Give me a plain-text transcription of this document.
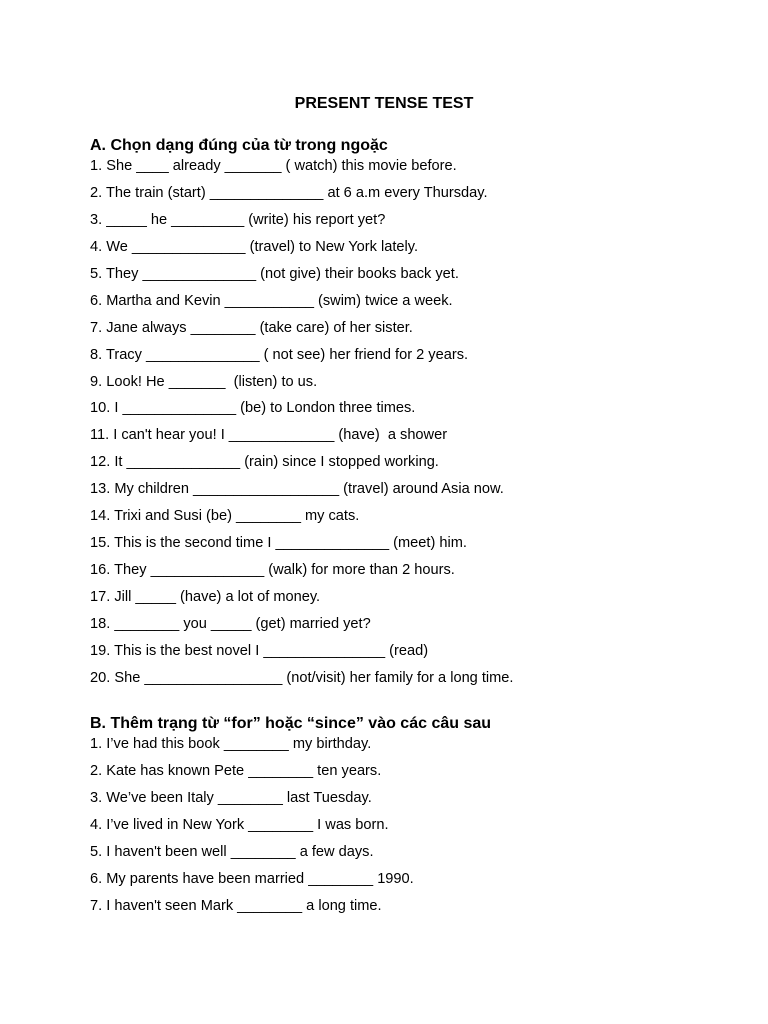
PRESENT TENSE TEST
A. Chọn dạng đúng của từ trong ngoặc
1. She ____ already _______ ( watch) this movie before.
2. The train (start) ______________ at 6 a.m every Thursday.
3. _____ he _________ (write) his report yet?
4. We ______________ (travel) to New York lately.
5. They ______________ (not give) their books back yet.
6. Martha and Kevin ___________ (swim) twice a week.
7. Jane always ________ (take care) of her sister.
8. Tracy ______________ ( not see) her friend for 2 years.
9. Look! He _______  (listen) to us.
10. I ______________ (be) to London three times.
11. I can't hear you! I _____________ (have)  a shower
12. It ______________ (rain) since I stopped working.
13. My children __________________ (travel) around Asia now.
14. Trixi and Susi (be) ________ my cats.
15. This is the second time I ______________ (meet) him.
16. They ______________ (walk) for more than 2 hours.
17. Jill _____ (have) a lot of money.
18. ________ you _____ (get) married yet?
19. This is the best novel I _______________ (read)
20. She _________________ (not/visit) her family for a long time.
B. Thêm trạng từ “for” hoặc “since” vào các câu sau
1. I’ve had this book ________ my birthday.
2. Kate has known Pete ________ ten years.
3. We’ve been Italy ________ last Tuesday.
4. I’ve lived in New York ________ I was born.
5. I haven't been well ________ a few days.
6. My parents have been married ________ 1990.
7. I haven't seen Mark ________ a long time.
